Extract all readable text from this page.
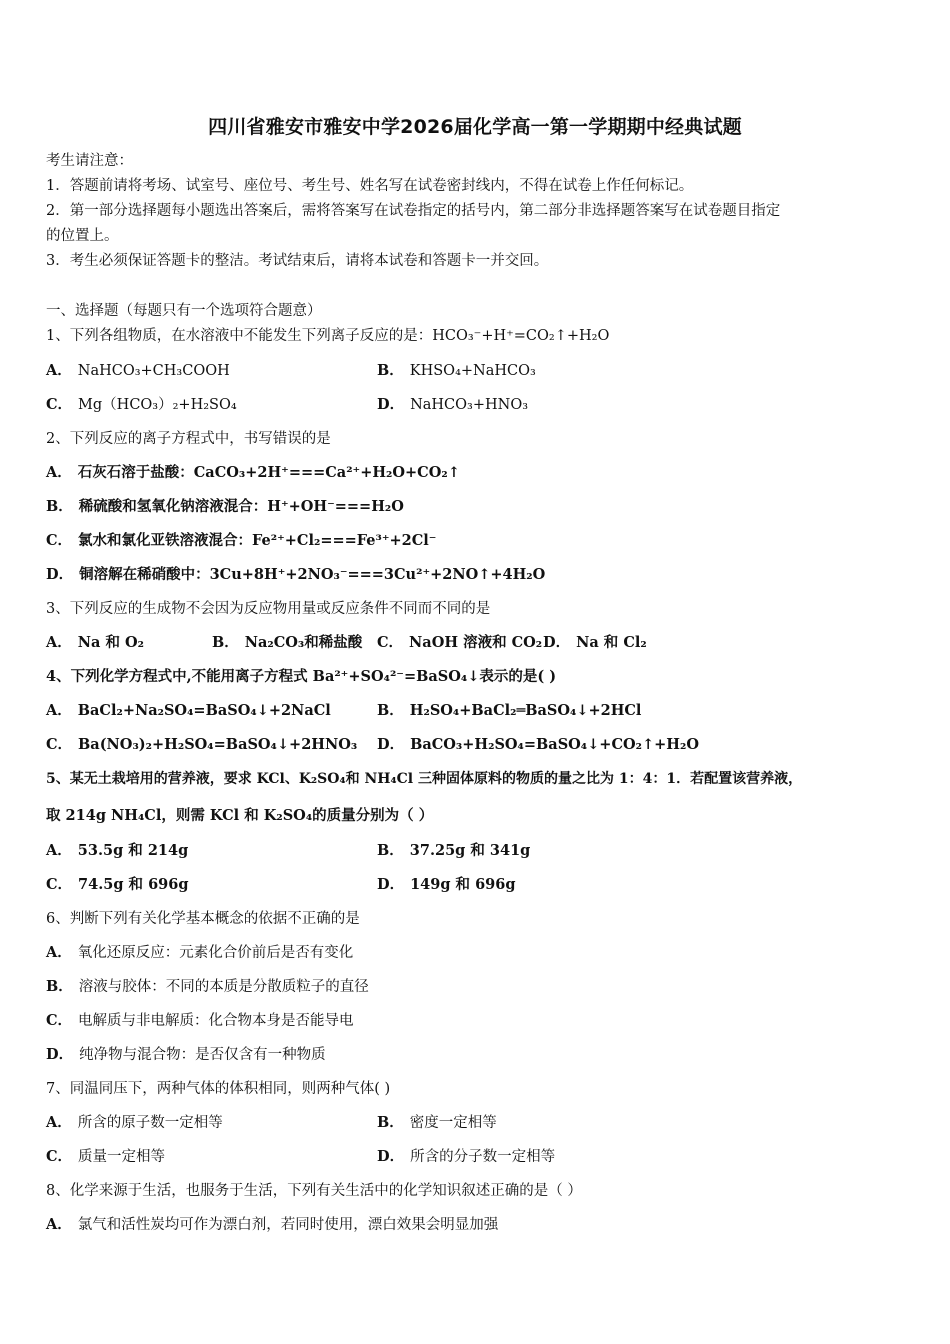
四川省雅安市雅安中学2026届化学高一第一学期期中经典试题
考生请注意：
1．答题前请将考场、试室号、座位号、考生号、姓名写在试卷密封线内，不得在试卷上作任何标记。
2．第一部分选择题每小题选出答案后，需将答案写在试卷指定的括号内，第二部分非选择题答案写在试卷题目指定
的位置上。
3．考生必须保证答题卡的整洁。考试结束后，请将本试卷和答题卡一并交回。
一、选择题（每题只有一个选项符合题意）
1、下列各组物质，在水溶液中不能发生下列离子反应的是：HCO₃⁻+H⁺=CO₂↑+H₂O
A． NaHCO₃+CH₃COOH	B． KHSO₄+NaHCO₃
C． Mg（HCO₃）₂+H₂SO₄	D． NaHCO₃+HNO₃
2、下列反应的离子方程式中，书写错误的是
A． 石灰石溶于盐酸：CaCO₃+2H⁺===Ca²⁺+H₂O+CO₂↑
B． 稀硫酸和氢氧化钠溶液混合：H⁺+OH⁻===H₂O
C． 氯水和氯化亚铁溶液混合：Fe²⁺+Cl₂===Fe³⁺+2Cl⁻
D． 铜溶解在稀硝酸中：3Cu+8H⁺+2NO₃⁻===3Cu²⁺+2NO↑+4H₂O
3、下列反应的生成物不会因为反应物用量或反应条件不同而不同的是
A． Na 和 O₂	B． Na₂CO₃和稀盐酸 C． NaOH 溶液和 CO₂ D． Na 和 Cl₂
4、下列化学方程式中,不能用离子方程式 Ba²⁺+SO₄²⁻=BaSO₄↓表示的是( )
A． BaCl₂+Na₂SO₄=BaSO₄↓+2NaCl	B． H₂SO₄+BaCl₂═BaSO₄↓+2HCl
C． Ba(NO₃)₂+H₂SO₄=BaSO₄↓+2HNO₃ D． BaCO₃+H₂SO₄=BaSO₄↓+CO₂↑+H₂O
5、某无土栽培用的营养液，要求 KCl、K₂SO₄和 NH₄Cl 三种固体原料的物质的量之比为 1：4：1．若配置该营养液，
取 214g NH₄Cl，则需 KCl 和 K₂SO₄的质量分别为（ ）
A． 53.5g 和 214g	B． 37.25g 和 341g
C． 74.5g 和 696g	D． 149g 和 696g
6、判断下列有关化学基本概念的依据不正确的是
A． 氧化还原反应：元素化合价前后是否有变化
B． 溶液与胶体：不同的本质是分散质粒子的直径
C． 电解质与非电解质：化合物本身是否能导电
D． 纯净物与混合物：是否仅含有一种物质
7、同温同压下，两种气体的体积相同，则两种气体( )
A． 所含的原子数一定相等	B． 密度一定相等
C． 质量一定相等	D． 所含的分子数一定相等
8、化学来源于生活，也服务于生活，下列有关生活中的化学知识叙述正确的是（ ）
A． 氯气和活性炭均可作为漂白剂，若同时使用，漂白效果会明显加强
